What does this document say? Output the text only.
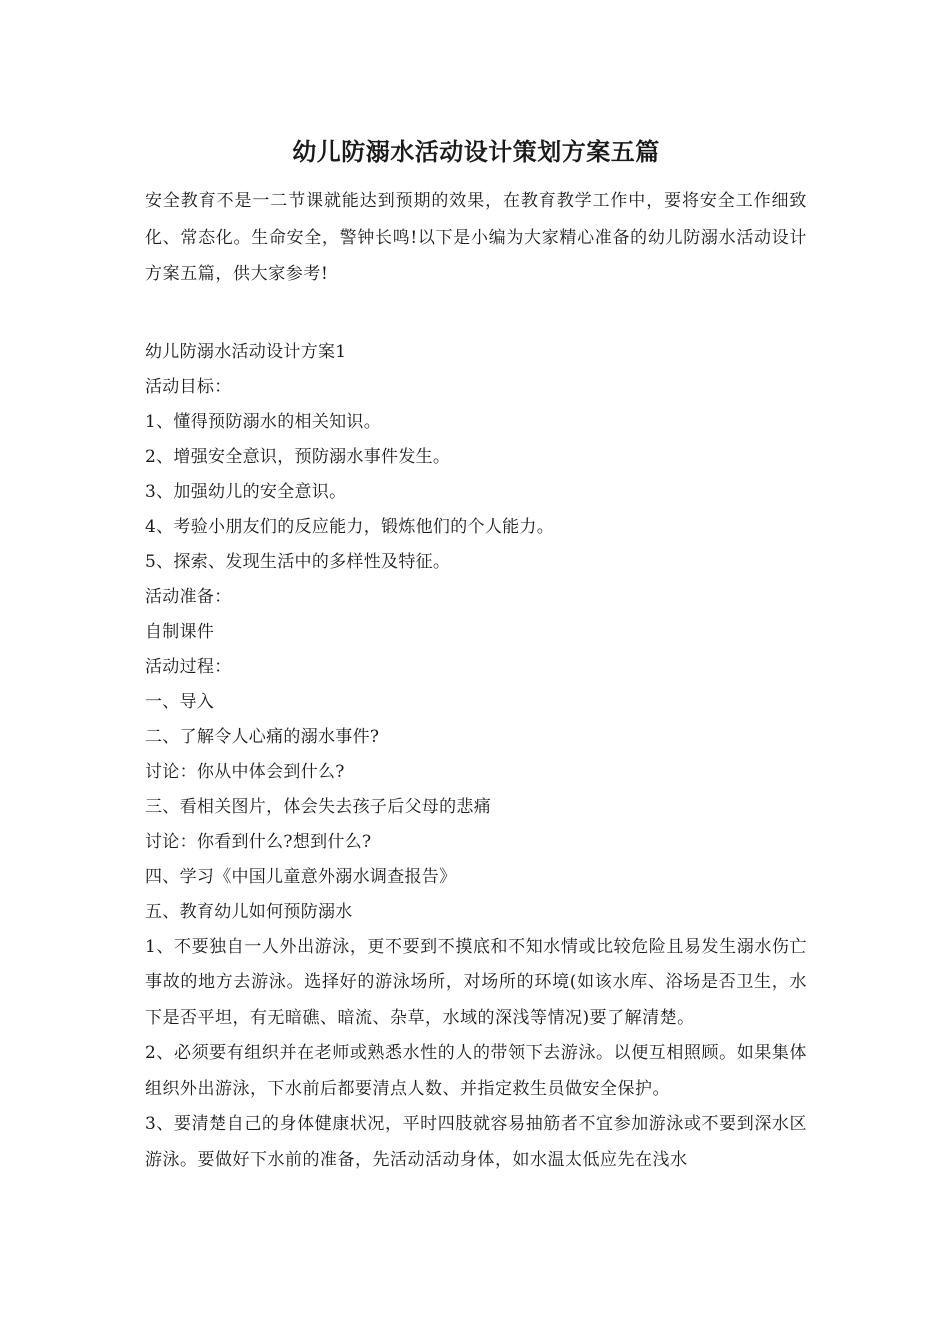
幼儿防溺水活动设计策划方案五篇

安全教育不是一二节课就能达到预期的效果，在教育教学工作中，要将安全工作细致化、常态化。生命安全，警钟长鸣!以下是小编为大家精心准备的幼儿防溺水活动设计方案五篇，供大家参考!

幼儿防溺水活动设计方案1
活动目标：
1、懂得预防溺水的相关知识。
2、增强安全意识，预防溺水事件发生。
3、加强幼儿的安全意识。
4、考验小朋友们的反应能力，锻炼他们的个人能力。
5、探索、发现生活中的多样性及特征。
活动准备：
自制课件
活动过程：
一、导入
二、了解令人心痛的溺水事件?
讨论：你从中体会到什么?
三、看相关图片，体会失去孩子后父母的悲痛
讨论：你看到什么?想到什么?
四、学习《中国儿童意外溺水调查报告》
五、教育幼儿如何预防溺水
1、不要独自一人外出游泳，更不要到不摸底和不知水情或比较危险且易发生溺水伤亡事故的地方去游泳。选择好的游泳场所，对场所的环境(如该水库、浴场是否卫生，水下是否平坦，有无暗礁、暗流、杂草，水域的深浅等情况)要了解清楚。
2、必须要有组织并在老师或熟悉水性的人的带领下去游泳。以便互相照顾。如果集体组织外出游泳，下水前后都要清点人数、并指定救生员做安全保护。
3、要清楚自己的身体健康状况，平时四肢就容易抽筋者不宜参加游泳或不要到深水区游泳。要做好下水前的准备，先活动活动身体，如水温太低应先在浅水
